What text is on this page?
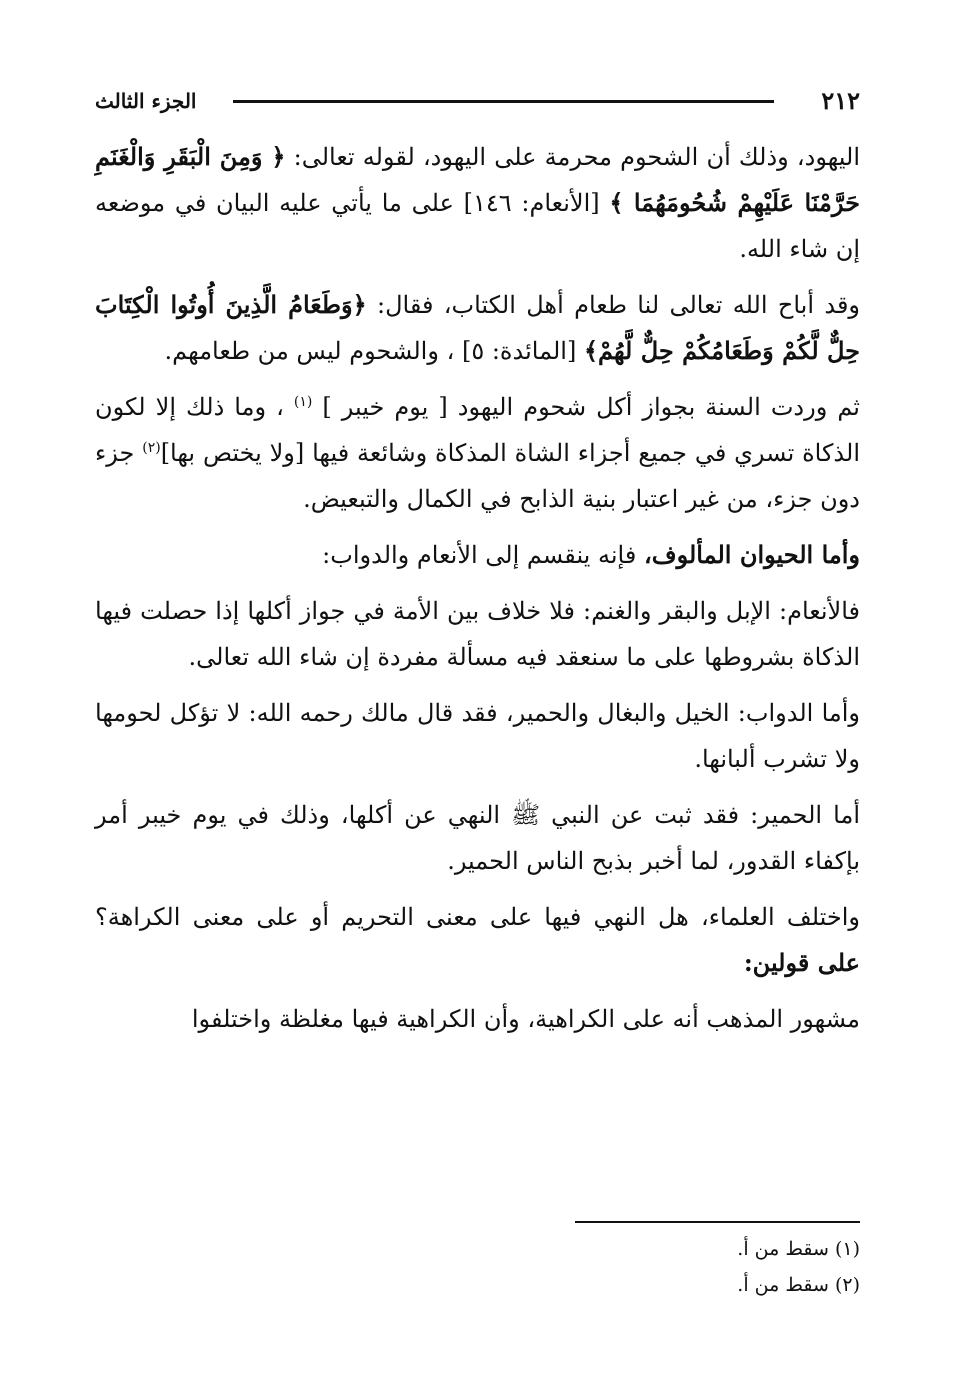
٢١٢
الجزء الثالث

اليهود، وذلك أن الشحوم محرمة على اليهود، لقوله تعالى: ﴿ وَمِنَ الْبَقَرِ وَالْغَنَمِ حَرَّمْنَا عَلَيْهِمْ شُحُومَهُمَا ﴾ [الأنعام: ١٤٦] على ما يأتي عليه البيان في موضعه إن شاء الله.

وقد أباح الله تعالى لنا طعام أهل الكتاب، فقال: ﴿وَطَعَامُ الَّذِينَ أُوتُوا الْكِتَابَ حِلٌّ لَّكُمْ وَطَعَامُكُمْ حِلٌّ لَّهُمْ﴾ [المائدة: ٥] ، والشحوم ليس من طعامهم.

ثم وردت السنة بجواز أكل شحوم اليهود [ يوم خيبر ] $^{(١)}$ ، وما ذلك إلا لكون الذكاة تسري في جميع أجزاء الشاة المذكاة وشائعة فيها [ولا يختص بها]$^{(٢)}$ جزء دون جزء، من غير اعتبار بنية الذابح في الكمال والتبعيض.

وأما الحيوان المألوف، فإنه ينقسم إلى الأنعام والدواب:

فالأنعام: الإبل والبقر والغنم: فلا خلاف بين الأمة في جواز أكلها إذا حصلت فيها الذكاة بشروطها على ما سنعقد فيه مسألة مفردة إن شاء الله تعالى.

وأما الدواب: الخيل والبغال والحمير، فقد قال مالك رحمه الله: لا تؤكل لحومها ولا تشرب ألبانها.

أما الحمير: فقد ثبت عن النبي ﷺ النهي عن أكلها، وذلك في يوم خيبر أمر بإكفاء القدور، لما أخبر بذبح الناس الحمير.

واختلف العلماء، هل النهي فيها على معنى التحريم أو على معنى الكراهة؟ على قولين:

مشهور المذهب أنه على الكراهية، وأن الكراهية فيها مغلظة واختلفوا

(١) سقط من أ.

(٢) سقط من أ.
